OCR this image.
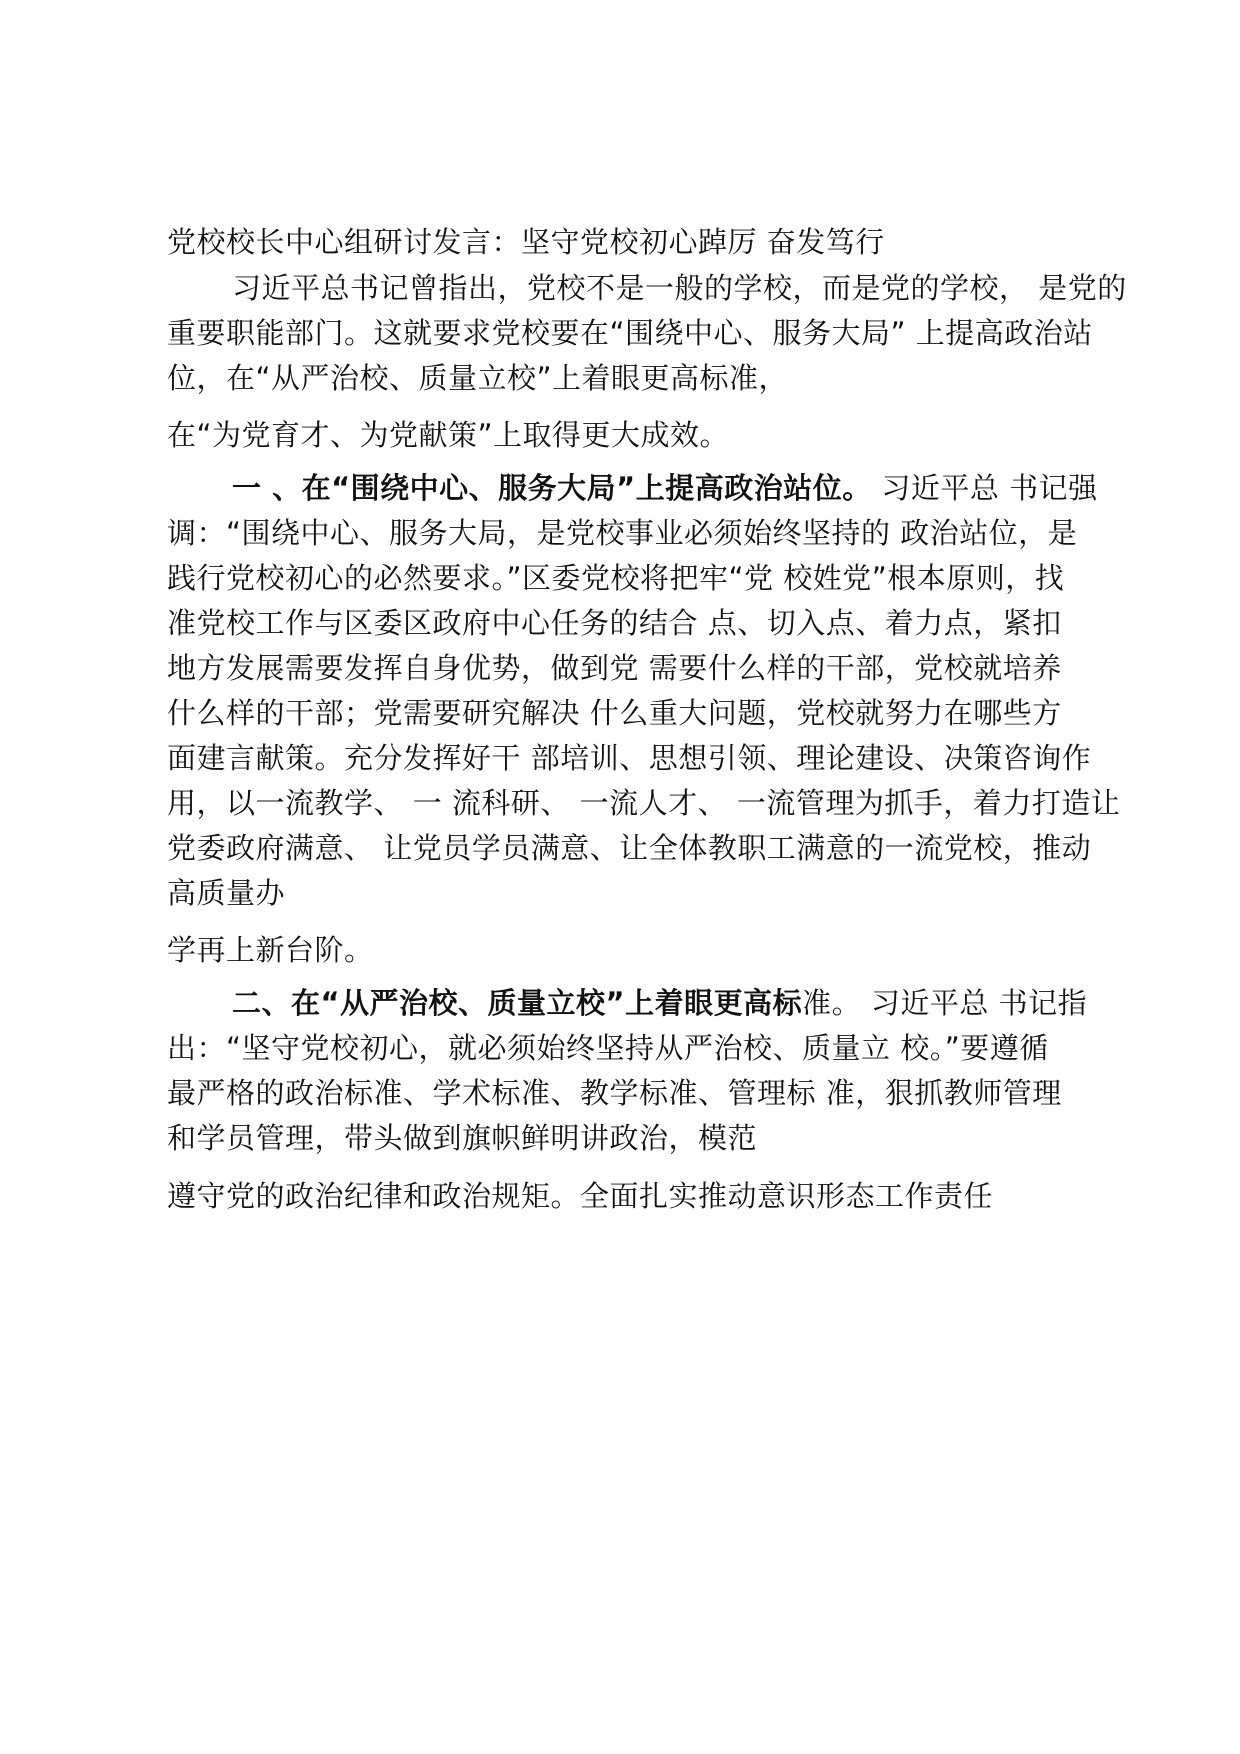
党校校长中心组研讨发言：坚守党校初心踔厉 奋发笃行
习近平总书记曾指出，党校不是一般的学校，而是党的学校， 是党的
重要职能部门。这就要求党校要在“围绕中心、服务大局” 上提高政治站
位，在“从严治校、质量立校”上着眼更高标准，
在“为党育才、为党献策”上取得更大成效。
一 、在“围绕中心、服务大局”上提高政治站位。 习近平总 书记强
调：“围绕中心、服务大局，是党校事业必须始终坚持的 政治站位，是
践行党校初心的必然要求。”区委党校将把牢“党 校姓党”根本原则，找
准党校工作与区委区政府中心任务的结合 点、切入点、着力点，紧扣
地方发展需要发挥自身优势，做到党 需要什么样的干部，党校就培养
什么样的干部；党需要研究解决 什么重大问题，党校就努力在哪些方
面建言献策。充分发挥好干 部培训、思想引领、理论建设、决策咨询作
用，以一流教学、 一 流科研、 一流人才、 一流管理为抓手，着力打造让
党委政府满意、 让党员学员满意、让全体教职工满意的一流党校，推动
高质量办
学再上新台阶。
二、在“从严治校、质量立校”上着眼更高标准。 习近平总 书记指
出：“坚守党校初心，就必须始终坚持从严治校、质量立 校。”要遵循
最严格的政治标准、学术标准、教学标准、管理标 准，狠抓教师管理
和学员管理，带头做到旗帜鲜明讲政治，模范
遵守党的政治纪律和政治规矩。全面扎实推动意识形态工作责任
